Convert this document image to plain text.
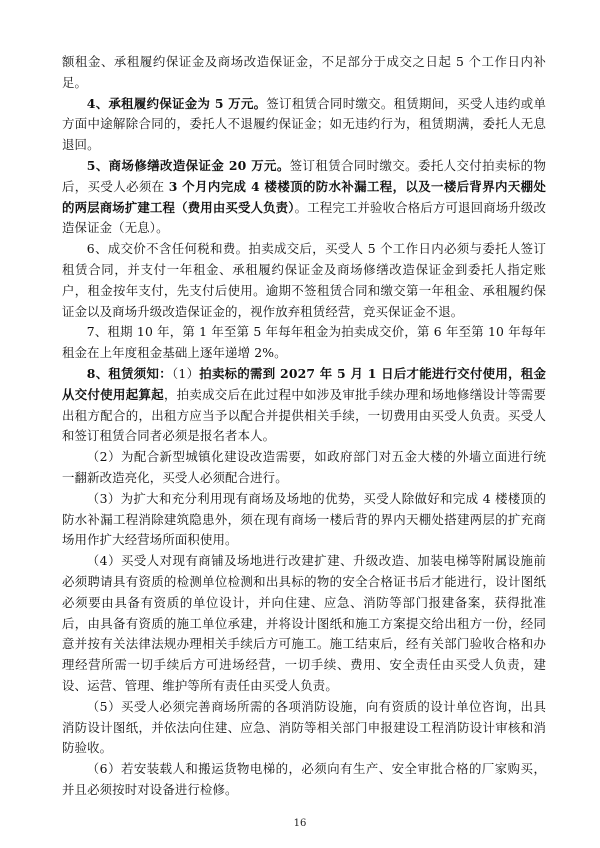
额租金、承租履约保证金及商场改造保证金，不足部分于成交之日起 5 个工作日内补足。

4、承租履约保证金为 5 万元。签订租赁合同时缴交。租赁期间，买受人违约或单方面中途解除合同的，委托人不退履约保证金；如无违约行为，租赁期满，委托人无息退回。

5、商场修缮改造保证金 20 万元。签订租赁合同时缴交。委托人交付拍卖标的物后，买受人必须在 3 个月内完成 4 楼楼顶的防水补漏工程，以及一楼后背界内天棚处的两层商场扩建工程（费用由买受人负责）。工程完工并验收合格后方可退回商场升级改造保证金（无息）。

6、成交价不含任何税和费。拍卖成交后，买受人 5 个工作日内必须与委托人签订租赁合同，并支付一年租金、承租履约保证金及商场修缮改造保证金到委托人指定账户，租金按年支付，先支付后使用。逾期不签租赁合同和缴交第一年租金、承租履约保证金以及商场升级改造保证金的，视作放弃租赁经营，竞买保证金不退。

7、租期 10 年，第 1 年至第 5 年每年租金为拍卖成交价，第 6 年至第 10 年每年租金在上年度租金基础上逐年递增 2%。

8、租赁须知：（1）拍卖标的需到 2027 年 5 月 1 日后才能进行交付使用，租金从交付使用起算起，拍卖成交后在此过程中如涉及审批手续办理和场地修缮设计等需要出租方配合的，出租方应当予以配合并提供相关手续，一切费用由买受人负责。买受人和签订租赁合同者必须是报名者本人。

（2）为配合新型城镇化建设改造需要，如政府部门对五金大楼的外墙立面进行统一翻新改造亮化，买受人必须配合进行。

（3）为扩大和充分利用现有商场及场地的优势，买受人除做好和完成 4 楼楼顶的防水补漏工程消除建筑隐患外，须在现有商场一楼后背的界内天棚处搭建两层的扩充商场用作扩大经营场所面积使用。

（4）买受人对现有商铺及场地进行改建扩建、升级改造、加装电梯等附属设施前必须聘请具有资质的检测单位检测和出具标的物的安全合格证书后才能进行，设计图纸必须要由具备有资质的单位设计，并向住建、应急、消防等部门报建备案，获得批准后，由具备有资质的施工单位承建，并将设计图纸和施工方案提交给出租方一份，经同意并按有关法律法规办理相关手续后方可施工。施工结束后，经有关部门验收合格和办理经营所需一切手续后方可进场经营，一切手续、费用、安全责任由买受人负责，建设、运营、管理、维护等所有责任由买受人负责。

（5）买受人必须完善商场所需的各项消防设施，向有资质的设计单位咨询，出具消防设计图纸，并依法向住建、应急、消防等相关部门申报建设工程消防设计审核和消防验收。

（6）若安装载人和搬运货物电梯的，必须向有生产、安全审批合格的厂家购买，并且必须按时对设备进行检修。

16
